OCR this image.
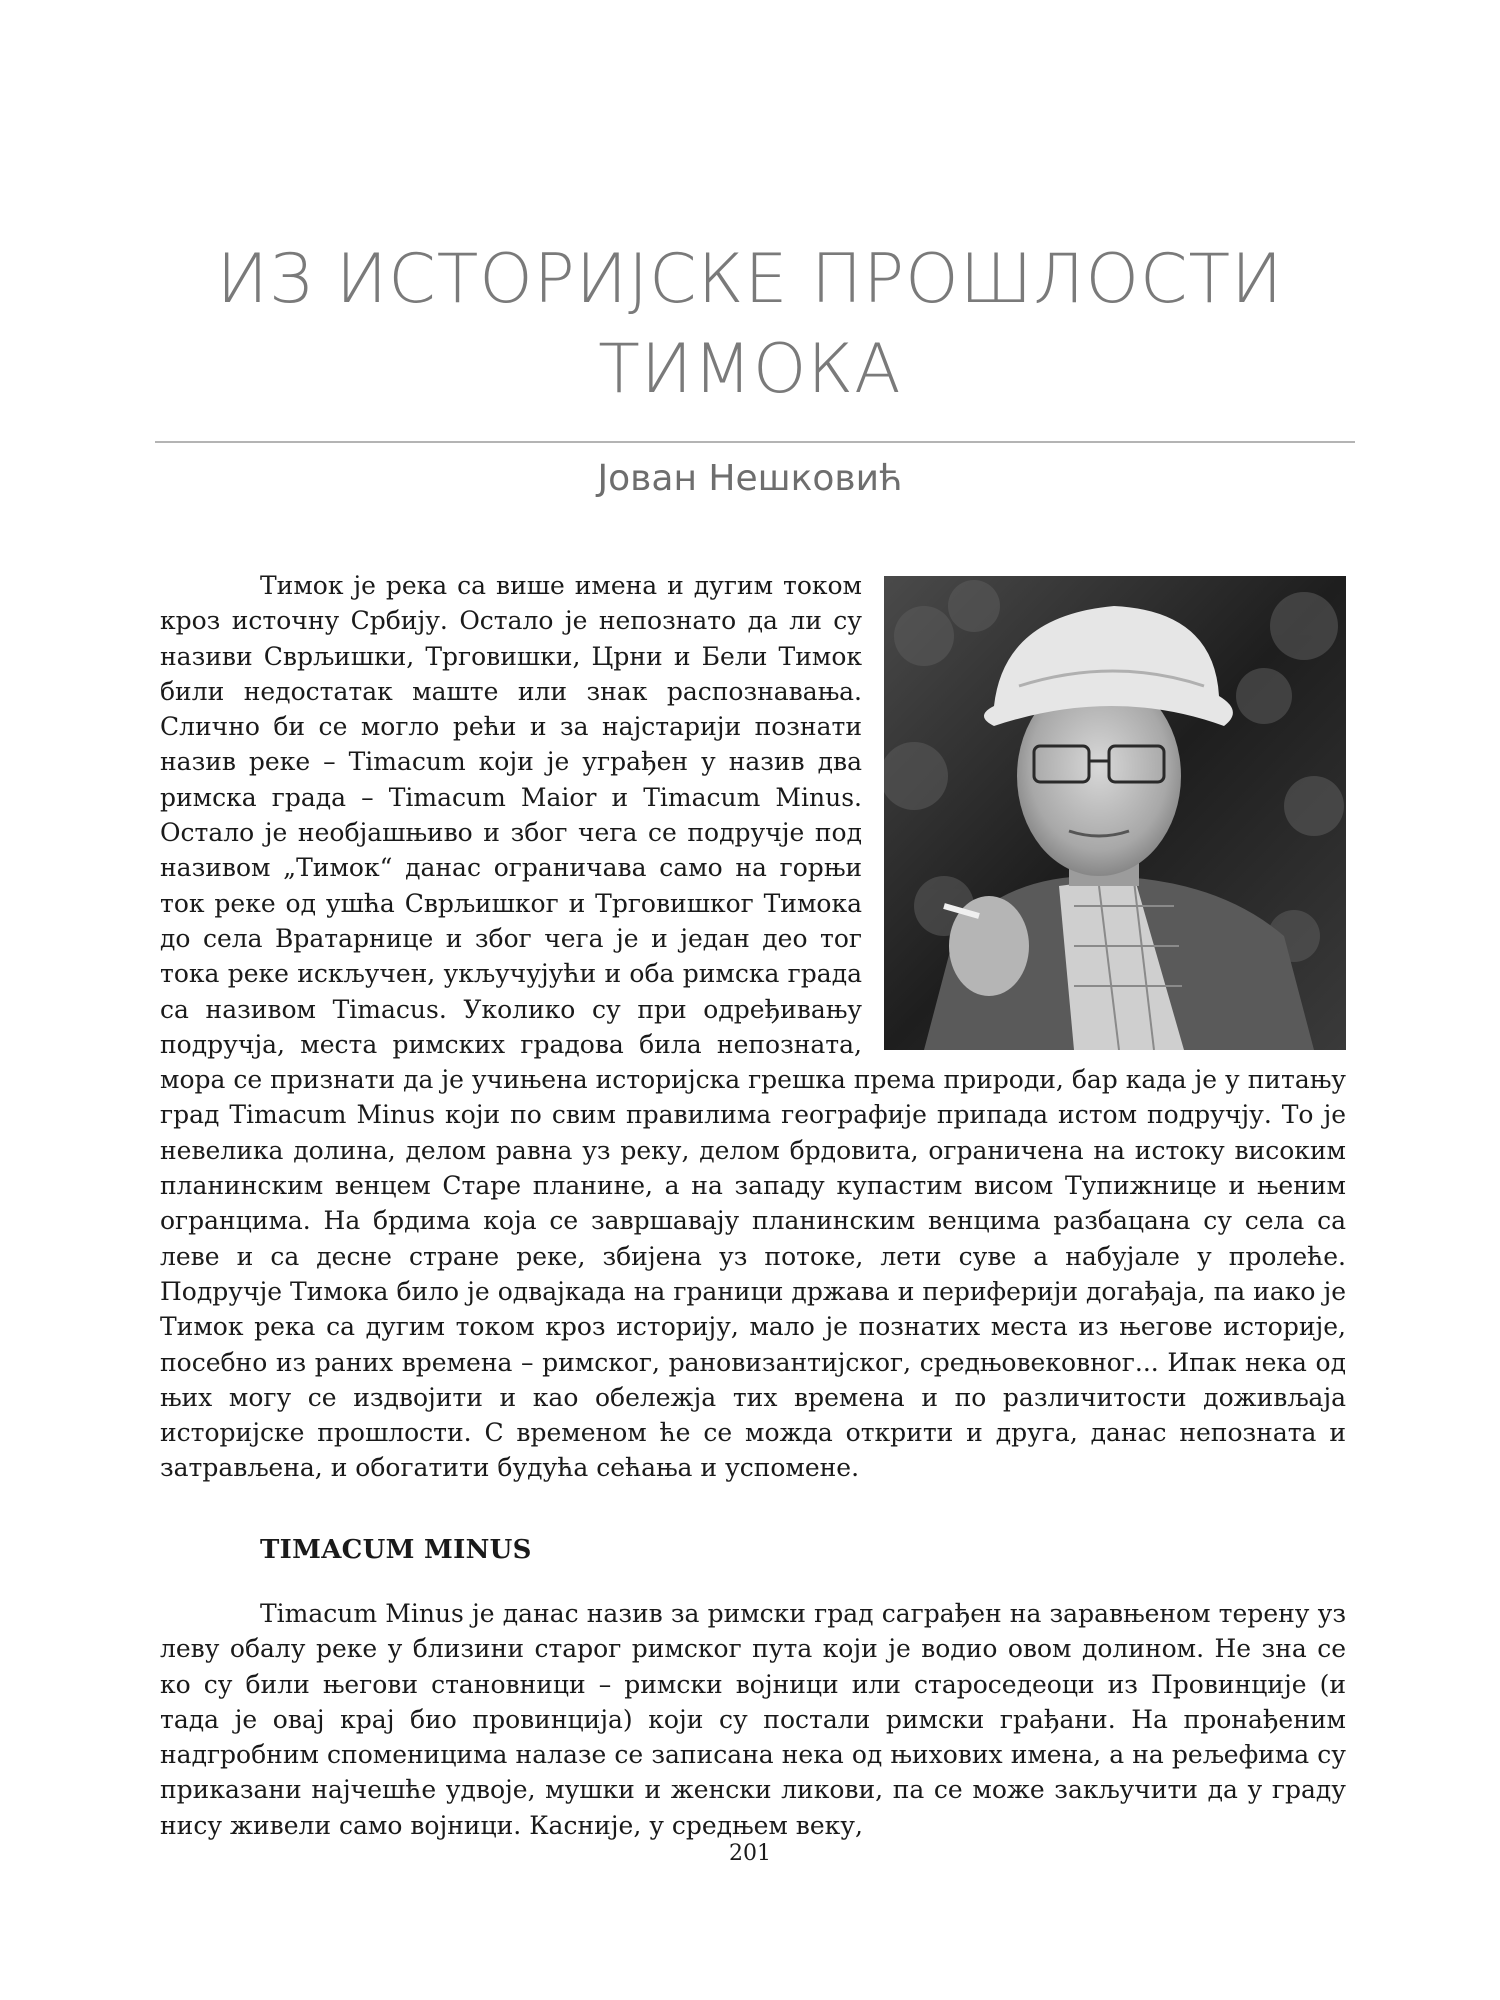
ИЗ ИСТОРИЈСКЕ ПРОШЛОСТИ
ТИМОКА

Јован Нешковић

Тимок је река са више имена и дугим током кроз источну Србију. Остало је непознато да ли су називи Сврљишки, Трговишки, Црни и Бели Тимок били недостатак маште или знак распознавања. Слично би се могло рећи и за најстарији познати назив реке – Timacum који је уграђен у назив два римска града – Timacum Maior и Timacum Minus. Остало је необјашњиво и због чега се подручје под називом „Тимок“ данас ограничава само на горњи ток реке од ушћа Сврљишког и Трговишког Тимока до села Вратарнице и због чега је и један део тог тока реке искључен, укључујући и оба римска града са називом Timacus. Уколико су при одређивању подручја, места римских градова била непозната, мора се признати да је учињена историјска грешка према природи, бар када је у питању град Timacum Minus који по свим правилима географије припада истом подручју. То је невелика долина, делом равна уз реку, делом брдовита, ограничена на истоку високим планинским венцем Старе планине, а на западу купастим висом Тупижнице и њеним огранцима. На брдима која се завршавају планинским венцима разбацана су села са леве и са десне стране реке, збијена уз потоке, лети суве а набујале у пролеће. Подручје Тимока било је одвајкада на граници држава и периферији догађаја, па иако је Тимок река са дугим током кроз историју, мало је познатих места из његове историје, посебно из раних времена – римског, рановизантијског, средњовековног... Ипак нека од њих могу се издвојити и као обележја тих времена и по различитости доживљаја историјске прошлости. С временом ће се можда открити и друга, данас непозната и затрављена, и обогатити будућа сећања и успомене.

TIMACUM MINUS

Timacum Minus је данас назив за римски град саграђен на заравњеном терену уз леву обалу реке у близини старог римског пута који је водио овом долином. Не зна се ко су били његови становници – римски војници или староседеоци из Провинције (и тада је овај крај био провинција) који су постали римски грађани. На пронађеним надгробним споменицима налазе се записана нека од њихових имена, а на рељефима су приказани најчешће удвоје, мушки и женски ликови, па се може закључити да у граду нису живели само војници. Касније, у средњем веку,

201
